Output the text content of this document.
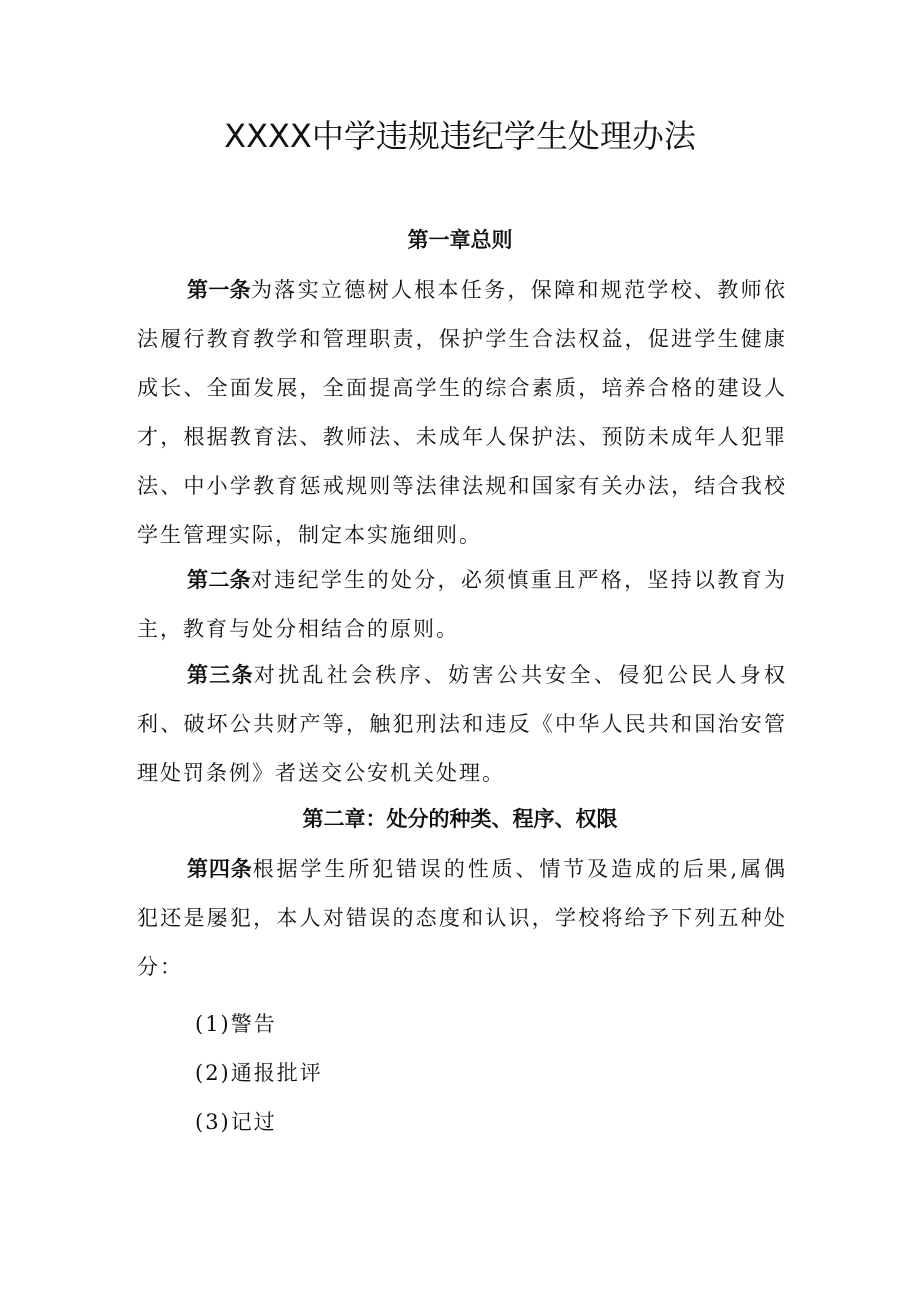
XXXX中学违规违纪学生处理办法
第一章总则

第一条为落实立德树人根本任务，保障和规范学校、教师依法履行教育教学和管理职责，保护学生合法权益，促进学生健康成长、全面发展，全面提高学生的综合素质，培养合格的建设人才，根据教育法、教师法、未成年人保护法、预防未成年人犯罪法、中小学教育惩戒规则等法律法规和国家有关办法，结合我校学生管理实际，制定本实施细则。

第二条对违纪学生的处分，必须慎重且严格，坚持以教育为主，教育与处分相结合的原则。

第三条对扰乱社会秩序、妨害公共安全、侵犯公民人身权利、破坏公共财产等，触犯刑法和违反《中华人民共和国治安管理处罚条例》者送交公安机关处理。

第二章：处分的种类、程序、权限

第四条根据学生所犯错误的性质、情节及造成的后果,属偶犯还是屡犯，本人对错误的态度和认识，学校将给予下列五种处分：

(1)警告

(2)通报批评

(3)记过
